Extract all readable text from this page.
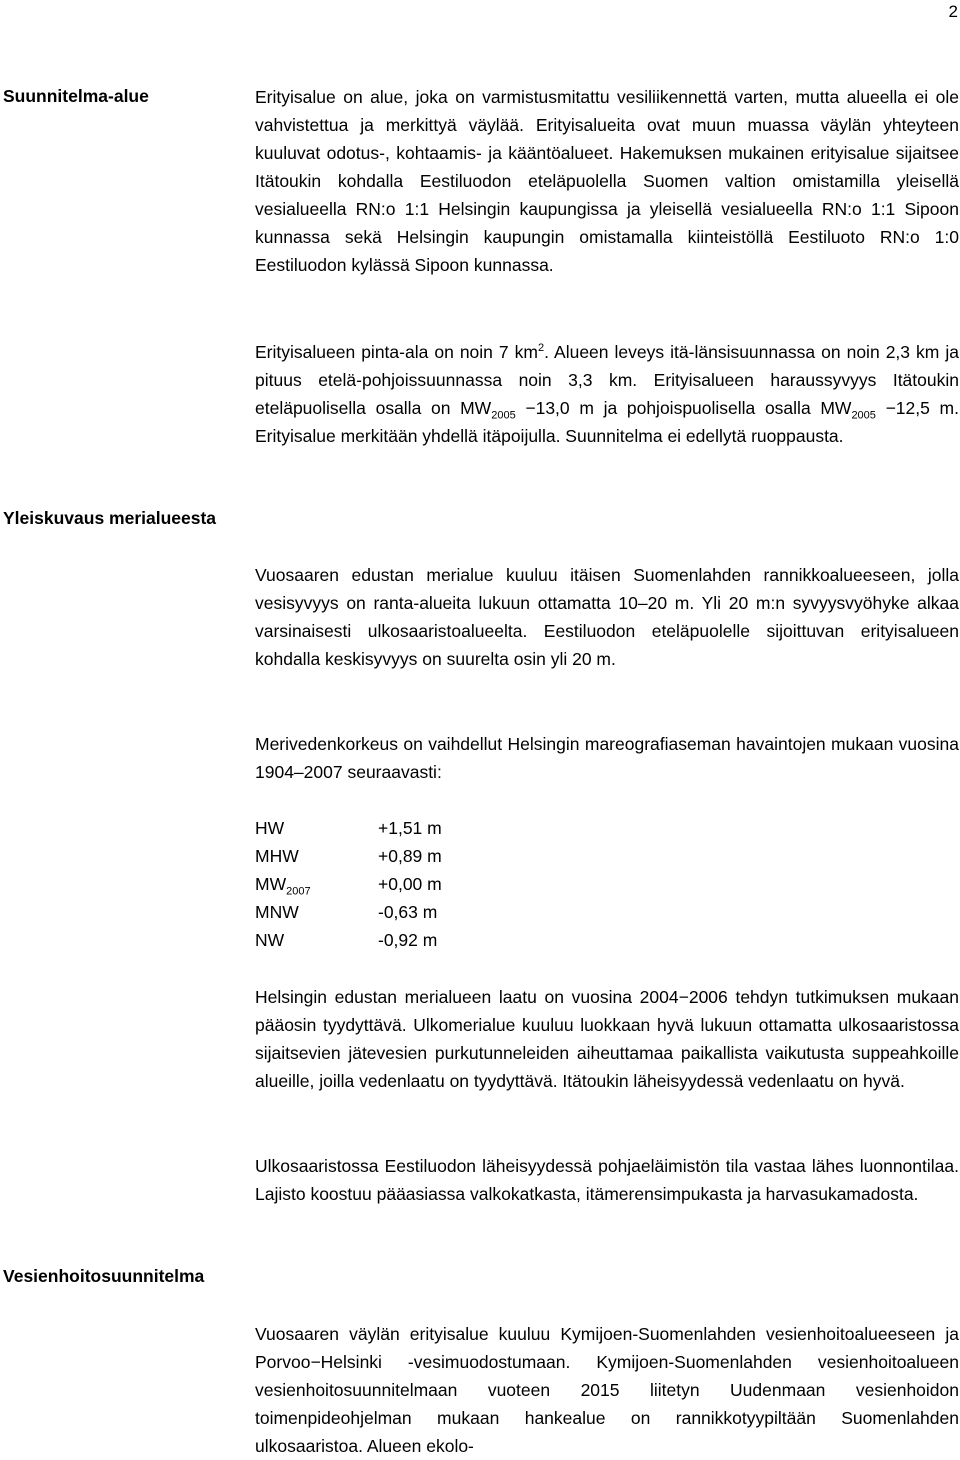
2
Suunnitelma-alue
Yleiskuvaus merialueesta
Vesienhoitosuunnitelma

Erityisalue on alue, joka on varmistusmitattu vesiliikennettä varten, mutta alueella ei ole vahvistettua ja merkittyä väylää. Erityisalueita ovat muun muassa väylän yhteyteen kuuluvat odotus-, kohtaamis- ja kääntöalueet. Hakemuksen mukainen erityisalue sijaitsee Itätoukin kohdalla Eestiluodon eteläpuolella Suomen valtion omistamilla yleisellä vesialueella RN:o 1:1 Helsingin kaupungissa ja yleisellä vesialueella RN:o 1:1 Sipoon kunnassa sekä Helsingin kaupungin omistamalla kiinteistöllä Eestiluoto RN:o 1:0 Eestiluodon kylässä Sipoon kunnassa.

Erityisalueen pinta-ala on noin 7 $km^2$. Alueen leveys itä-länsisuunnassa on noin 2,3 km ja pituus etelä-pohjoissuunnassa noin 3,3 km. Erityisalueen haraussyvyys Itätoukin eteläpuolisella osalla on $MW_{2005} -13,0$ m ja pohjoispuolisella osalla $MW_{2005} -12,5$ m. Erityisalue merkitään yhdellä itäpoijulla. Suunnitelma ei edellytä ruoppausta.

Vuosaaren edustan merialue kuuluu itäisen Suomenlahden rannikkoalueeseen, jolla vesisyvyys on ranta-alueita lukuun ottamatta 10‒20 m. Yli 20 m:n syvyysvyöhyke alkaa varsinaisesti ulkosaaristoalueelta. Eestiluodon eteläpuolelle sijoittuvan erityisalueen kohdalla keskisyvyys on suurelta osin yli 20 m.

Merivedenkorkeus on vaihdellut Helsingin mareografiaseman havaintojen mukaan vuosina 1904‒2007 seuraavasti:

HW	+1,51 m
MHW	+0,89 m
$MW_{2007}$	+0,00 m
MNW	-0,63 m
NW	-0,92 m

Helsingin edustan merialueen laatu on vuosina 2004−2006 tehdyn tutkimuksen mukaan pääosin tyydyttävä. Ulkomerialue kuuluu luokkaan hyvä lukuun ottamatta ulkosaaristossa sijaitsevien jätevesien purkutunneleiden aiheuttamaa paikallista vaikutusta suppeahkoille alueille, joilla vedenlaatu on tyydyttävä. Itätoukin läheisyydessä vedenlaatu on hyvä.

Ulkosaaristossa Eestiluodon läheisyydessä pohjaeläimistön tila vastaa lähes luonnontilaa. Lajisto koostuu pääasiassa valkokatkasta, itämerensimpukasta ja harvasukamadosta.

Vuosaaren väylän erityisalue kuuluu Kymijoen-Suomenlahden vesienhoitoalueeseen ja Porvoo−Helsinki -vesimuodostumaan. Kymijoen-Suomenlahden vesienhoitoalueen vesienhoitosuunnitelmaan vuoteen 2015 liitetyn Uudenmaan vesienhoidon toimenpideohjelman mukaan hankealue on rannikkotyypiltään Suomenlahden ulkosaaristoa. Alueen ekolo-
